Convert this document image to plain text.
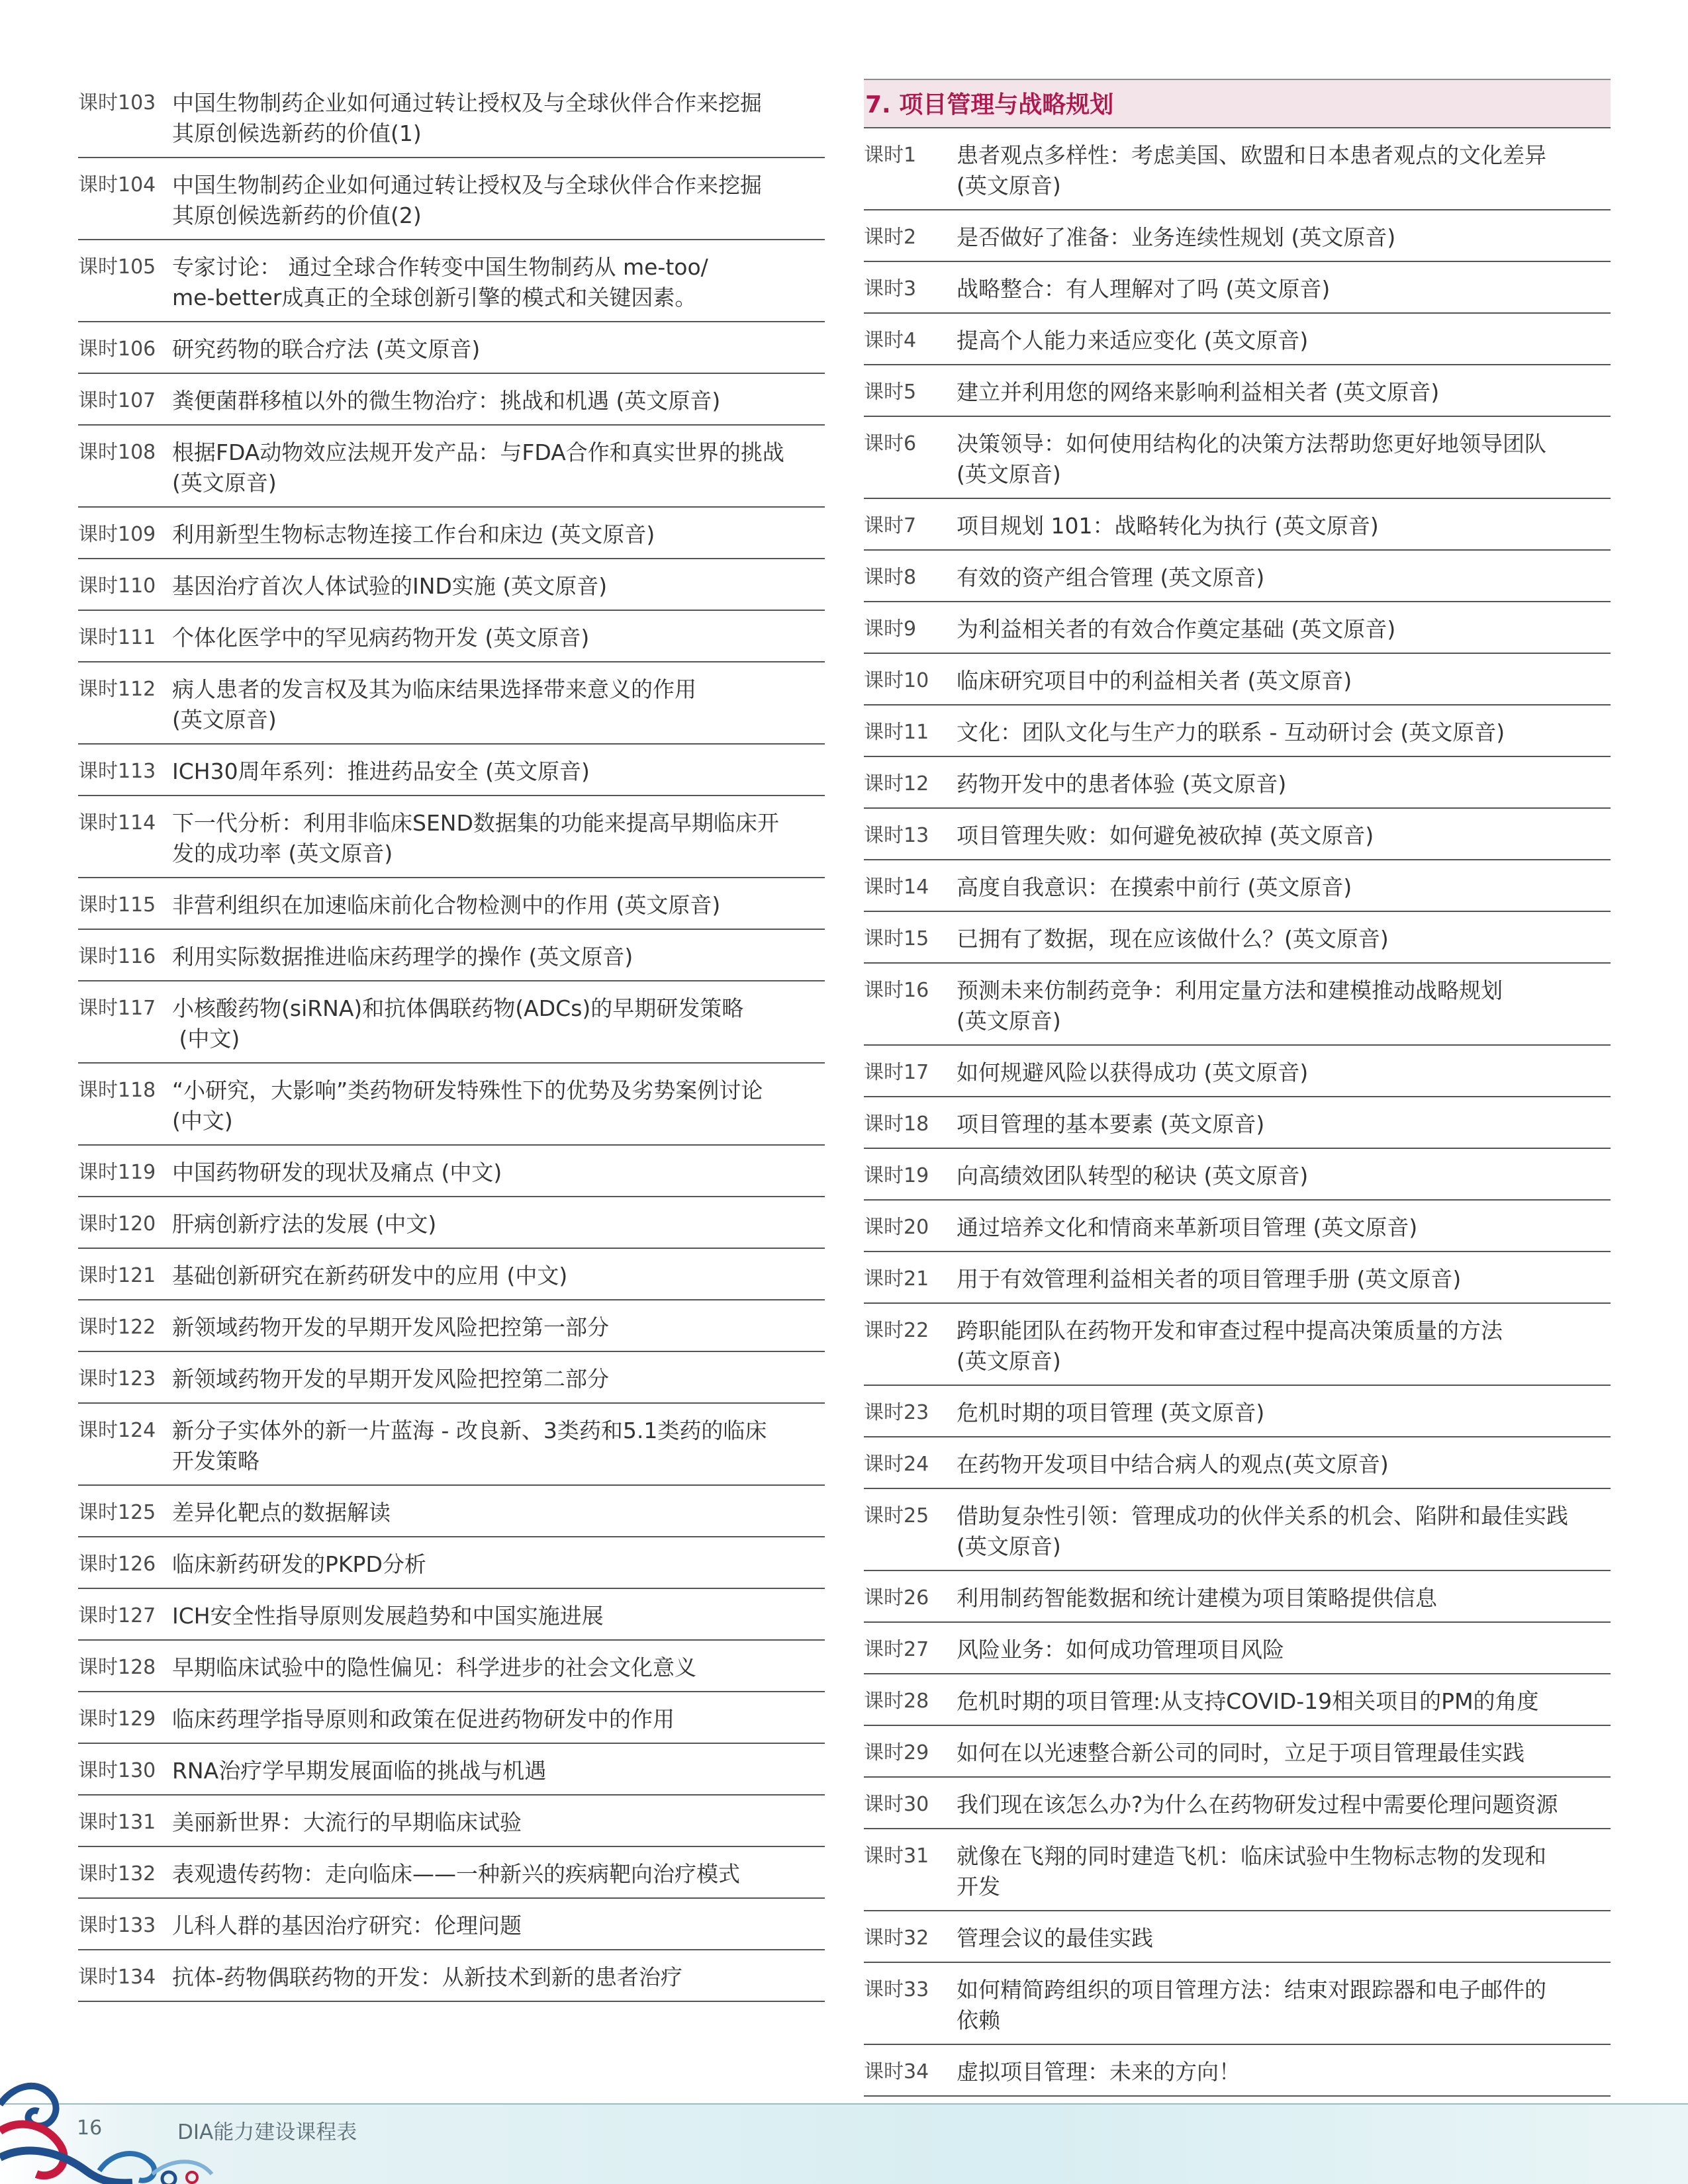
课时103 中国生物制药企业如何通过转让授权及与全球伙伴合作来挖掘
其原创候选新药的价值(1)
课时104 中国生物制药企业如何通过转让授权及与全球伙伴合作来挖掘
其原创候选新药的价值(2)
课时105 专家讨论： 通过全球合作转变中国生物制药从 me-too/
me-better成真正的全球创新引擎的模式和关键因素。
课时106 研究药物的联合疗法 (英文原音)
课时107 粪便菌群移植以外的微生物治疗：挑战和机遇 (英文原音)
课时108 根据FDA动物效应法规开发产品：与FDA合作和真实世界的挑战
(英文原音)
课时109 利用新型生物标志物连接工作台和床边 (英文原音)
课时110 基因治疗首次人体试验的IND实施 (英文原音)
课时111 个体化医学中的罕见病药物开发 (英文原音)
课时112 病人患者的发言权及其为临床结果选择带来意义的作用
(英文原音)
课时113 ICH30周年系列：推进药品安全 (英文原音)
课时114 下一代分析：利用非临床SEND数据集的功能来提高早期临床开
发的成功率 (英文原音)
课时115 非营利组织在加速临床前化合物检测中的作用 (英文原音)
课时116 利用实际数据推进临床药理学的操作 (英文原音)
课时117 小核酸药物(siRNA)和抗体偶联药物(ADCs)的早期研发策略
(中文)
课时118 “小研究，大影响”类药物研发特殊性下的优势及劣势案例讨论
(中文)
课时119 中国药物研发的现状及痛点 (中文)
课时120 肝病创新疗法的发展 (中文)
课时121 基础创新研究在新药研发中的应用 (中文)
课时122 新领域药物开发的早期开发风险把控第一部分
课时123 新领域药物开发的早期开发风险把控第二部分
课时124 新分子实体外的新一片蓝海 - 改良新、3类药和5.1类药的临床
开发策略
课时125 差异化靶点的数据解读
课时126 临床新药研发的PKPD分析
课时127 ICH安全性指导原则发展趋势和中国实施进展
课时128 早期临床试验中的隐性偏见：科学进步的社会文化意义
课时129 临床药理学指导原则和政策在促进药物研发中的作用
课时130 RNA治疗学早期发展面临的挑战与机遇
课时131 美丽新世界：大流行的早期临床试验
课时132 表观遗传药物：走向临床——一种新兴的疾病靶向治疗模式
课时133 儿科人群的基因治疗研究：伦理问题
课时134 抗体-药物偶联药物的开发：从新技术到新的患者治疗
7. 项目管理与战略规划
课时1	患者观点多样性：考虑美国、欧盟和日本患者观点的文化差异
(英文原音)
课时2	是否做好了准备：业务连续性规划 (英文原音)
课时3	战略整合：有人理解对了吗 (英文原音)
课时4	提高个人能力来适应变化 (英文原音)
课时5	建立并利用您的网络来影响利益相关者 (英文原音)
课时6	决策领导：如何使用结构化的决策方法帮助您更好地领导团队
(英文原音)
课时7	项目规划 101：战略转化为执行 (英文原音)
课时8	有效的资产组合管理 (英文原音)
课时9	为利益相关者的有效合作奠定基础 (英文原音)
课时10	临床研究项目中的利益相关者 (英文原音)
课时11	文化：团队文化与生产力的联系 - 互动研讨会 (英文原音)
课时12	药物开发中的患者体验 (英文原音)
课时13	项目管理失败：如何避免被砍掉 (英文原音)
课时14	高度自我意识：在摸索中前行 (英文原音)
课时15	已拥有了数据，现在应该做什么？(英文原音)
课时16	预测未来仿制药竞争：利用定量方法和建模推动战略规划
(英文原音)
课时17	如何规避风险以获得成功 (英文原音)
课时18	项目管理的基本要素 (英文原音)
课时19	向高绩效团队转型的秘诀 (英文原音)
课时20	通过培养文化和情商来革新项目管理 (英文原音)
课时21	用于有效管理利益相关者的项目管理手册 (英文原音)
课时22	跨职能团队在药物开发和审查过程中提高决策质量的方法
(英文原音)
课时23	危机时期的项目管理 (英文原音)
课时24	在药物开发项目中结合病人的观点(英文原音)
课时25	借助复杂性引领：管理成功的伙伴关系的机会、陷阱和最佳实践
(英文原音)
课时26	利用制药智能数据和统计建模为项目策略提供信息
课时27	风险业务：如何成功管理项目风险
课时28	危机时期的项目管理:从支持COVID-19相关项目的PM的角度
课时29	如何在以光速整合新公司的同时，立足于项目管理最佳实践
课时30	我们现在该怎么办?为什么在药物研发过程中需要伦理问题资源
课时31	就像在飞翔的同时建造飞机：临床试验中生物标志物的发现和
开发
课时32	管理会议的最佳实践
课时33	如何精简跨组织的项目管理方法：结束对跟踪器和电子邮件的
依赖
课时34	虚拟项目管理：未来的方向！
16	DIA能力建设课程表
